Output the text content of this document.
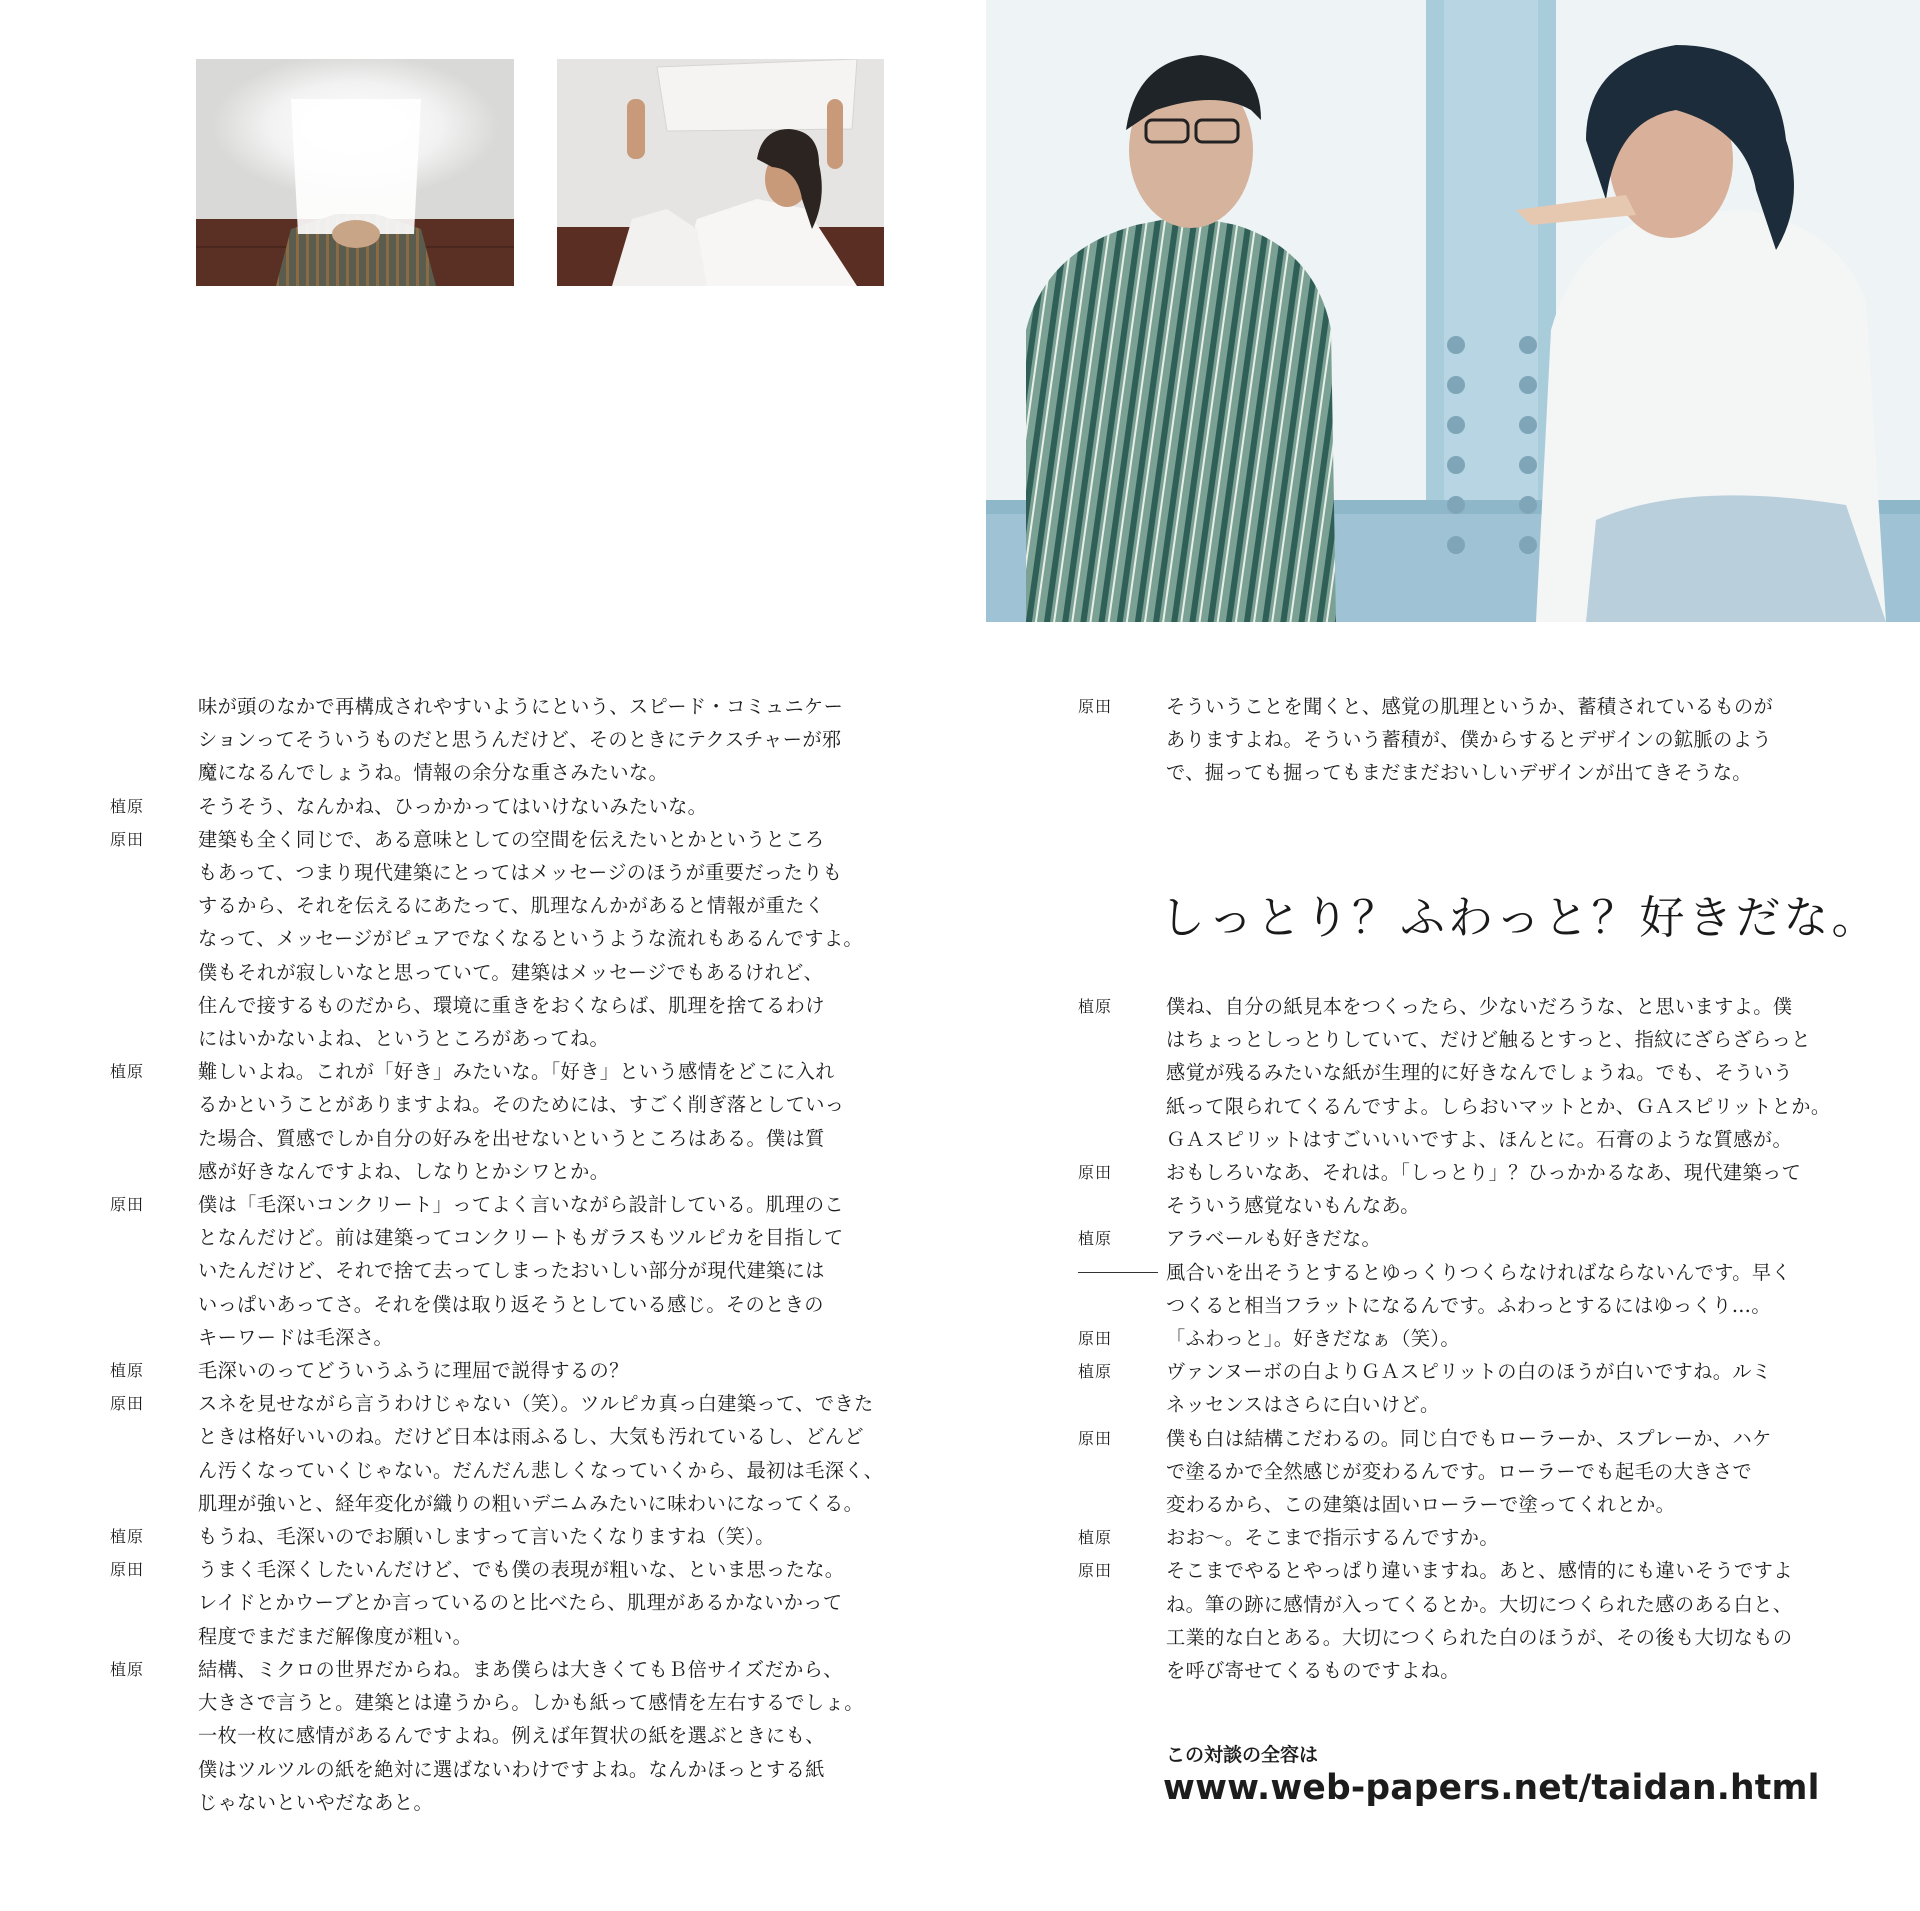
味が頭のなかで再構成されやすいようにという、スピード・コミュニケー
ションってそういうものだと思うんだけど、そのときにテクスチャーが邪
魔になるんでしょうね。情報の余分な重さみたいな。
植原	そうそう、なんかね、ひっかかってはいけないみたいな。
原田	建築も全く同じで、ある意味としての空間を伝えたいとかというところ
もあって、つまり現代建築にとってはメッセージのほうが重要だったりも
するから、それを伝えるにあたって、肌理なんかがあると情報が重たく
なって、メッセージがピュアでなくなるというような流れもあるんですよ。
僕もそれが寂しいなと思っていて。建築はメッセージでもあるけれど、
住んで接するものだから、環境に重きをおくならば、肌理を捨てるわけ
にはいかないよね、というところがあってね。
植原	難しいよね。これが「好き」みたいな。「好き」という感情をどこに入れ
るかということがありますよね。そのためには、すごく削ぎ落としていっ
た場合、質感でしか自分の好みを出せないというところはある。僕は質
感が好きなんですよね、しなりとかシワとか。
原田	僕は「毛深いコンクリート」ってよく言いながら設計している。肌理のこ
となんだけど。前は建築ってコンクリートもガラスもツルピカを目指して
いたんだけど、それで捨て去ってしまったおいしい部分が現代建築には
いっぱいあってさ。それを僕は取り返そうとしている感じ。そのときの
キーワードは毛深さ。
植原	毛深いのってどういうふうに理屈で説得するの？
原田	スネを見せながら言うわけじゃない（笑）。ツルピカ真っ白建築って、できた
ときは格好いいのね。だけど日本は雨ふるし、大気も汚れているし、どんど
ん汚くなっていくじゃない。だんだん悲しくなっていくから、最初は毛深く、
肌理が強いと、経年変化が織りの粗いデニムみたいに味わいになってくる。
植原	もうね、毛深いのでお願いしますって言いたくなりますね（笑）。
原田	うまく毛深くしたいんだけど、でも僕の表現が粗いな、といま思ったな。
レイドとかウーブとか言っているのと比べたら、肌理があるかないかって
程度でまだまだ解像度が粗い。
植原	結構、ミクロの世界だからね。まあ僕らは大きくてもＢ倍サイズだから、
大きさで言うと。建築とは違うから。しかも紙って感情を左右するでしょ。
一枚一枚に感情があるんですよね。例えば年賀状の紙を選ぶときにも、
僕はツルツルの紙を絶対に選ばないわけですよね。なんかほっとする紙
じゃないといやだなあと。
原田	そういうことを聞くと、感覚の肌理というか、蓄積されているものが
ありますよね。そういう蓄積が、僕からするとデザインの鉱脈のよう
で、掘っても掘ってもまだまだおいしいデザインが出てきそうな。
しっとり？ふわっと？好きだな。
植原	僕ね、自分の紙見本をつくったら、少ないだろうな、と思いますよ。僕
はちょっとしっとりしていて、だけど触るとすっと、指紋にざらざらっと
感覚が残るみたいな紙が生理的に好きなんでしょうね。でも、そういう
紙って限られてくるんですよ。しらおいマットとか、ＧＡスピリットとか。
ＧＡスピリットはすごいいいですよ、ほんとに。石膏のような質感が。
原田	おもしろいなあ、それは。「しっとり」？ひっかかるなあ、現代建築って
そういう感覚ないもんなあ。
植原	アラベールも好きだな。
風合いを出そうとするとゆっくりつくらなければならないんです。早く
つくると相当フラットになるんです。ふわっとするにはゆっくり…。
原田	「ふわっと」。好きだなぁ（笑）。
植原	ヴァンヌーボの白よりＧＡスピリットの白のほうが白いですね。ルミ
ネッセンスはさらに白いけど。
原田	僕も白は結構こだわるの。同じ白でもローラーか、スプレーか、ハケ
で塗るかで全然感じが変わるんです。ローラーでも起毛の大きさで
変わるから、この建築は固いローラーで塗ってくれとか。
植原	おお〜。そこまで指示するんですか。
原田	そこまでやるとやっぱり違いますね。あと、感情的にも違いそうですよ
ね。筆の跡に感情が入ってくるとか。大切につくられた感のある白と、
工業的な白とある。大切につくられた白のほうが、その後も大切なもの
を呼び寄せてくるものですよね。
この対談の全容は
www.web-papers.net/taidan.html
